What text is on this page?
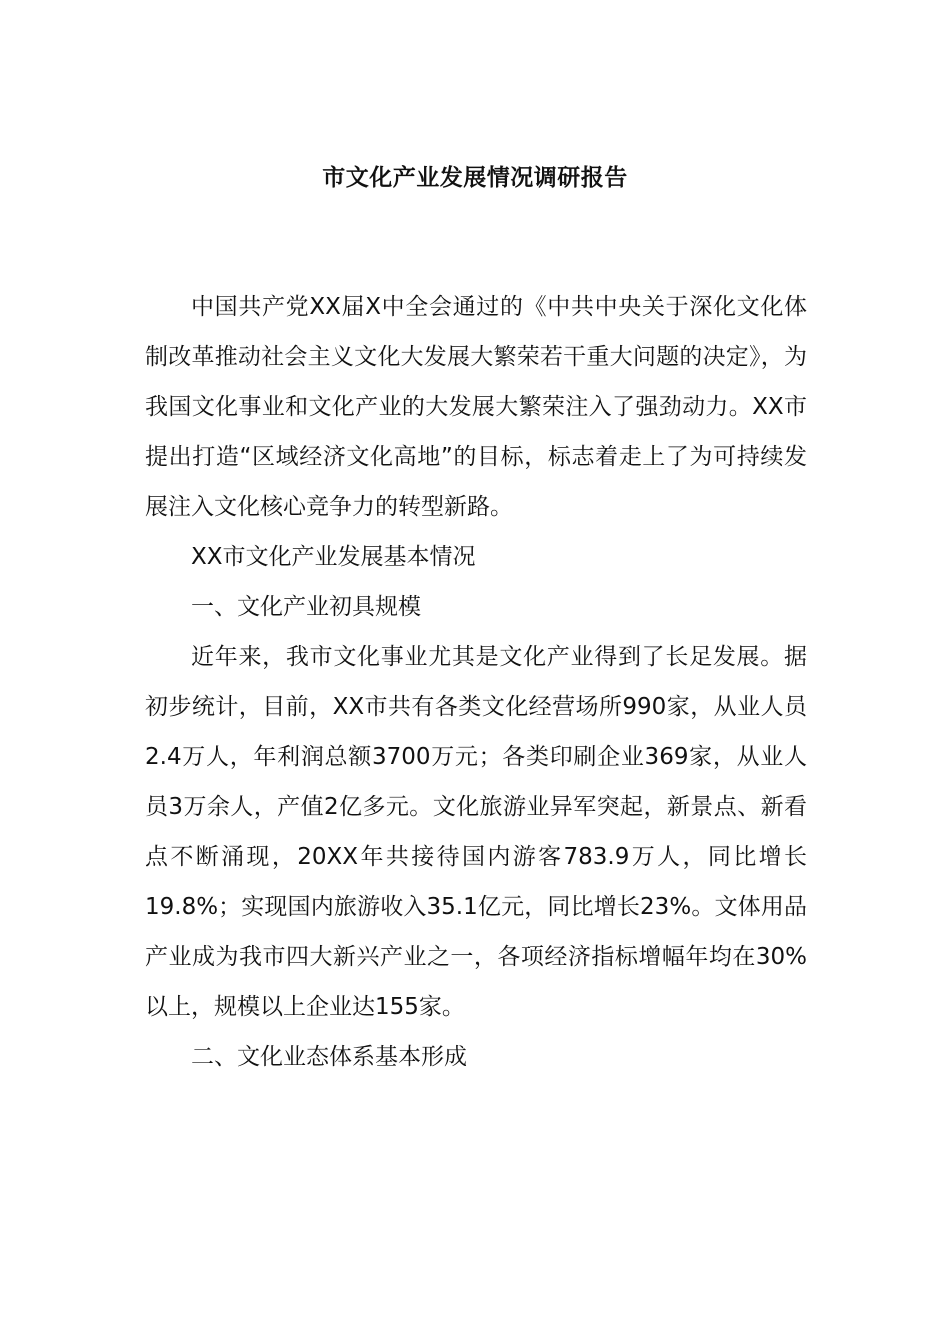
市文化产业发展情况调研报告

中国共产党XX届X中全会通过的《中共中央关于深化文化体制改革推动社会主义文化大发展大繁荣若干重大问题的决定》，为我国文化事业和文化产业的大发展大繁荣注入了强劲动力。XX市提出打造“区域经济文化高地”的目标，标志着走上了为可持续发展注入文化核心竞争力的转型新路。

XX市文化产业发展基本情况

一、文化产业初具规模

近年来，我市文化事业尤其是文化产业得到了长足发展。据初步统计，目前，XX市共有各类文化经营场所990家，从业人员2.4万人，年利润总额3700万元；各类印刷企业369家，从业人员3万余人，产值2亿多元。文化旅游业异军突起，新景点、新看点不断涌现，20XX年共接待国内游客783.9万人，同比增长19.8%；实现国内旅游收入35.1亿元，同比增长23%。文体用品产业成为我市四大新兴产业之一，各项经济指标增幅年均在30%以上，规模以上企业达155家。

二、文化业态体系基本形成
